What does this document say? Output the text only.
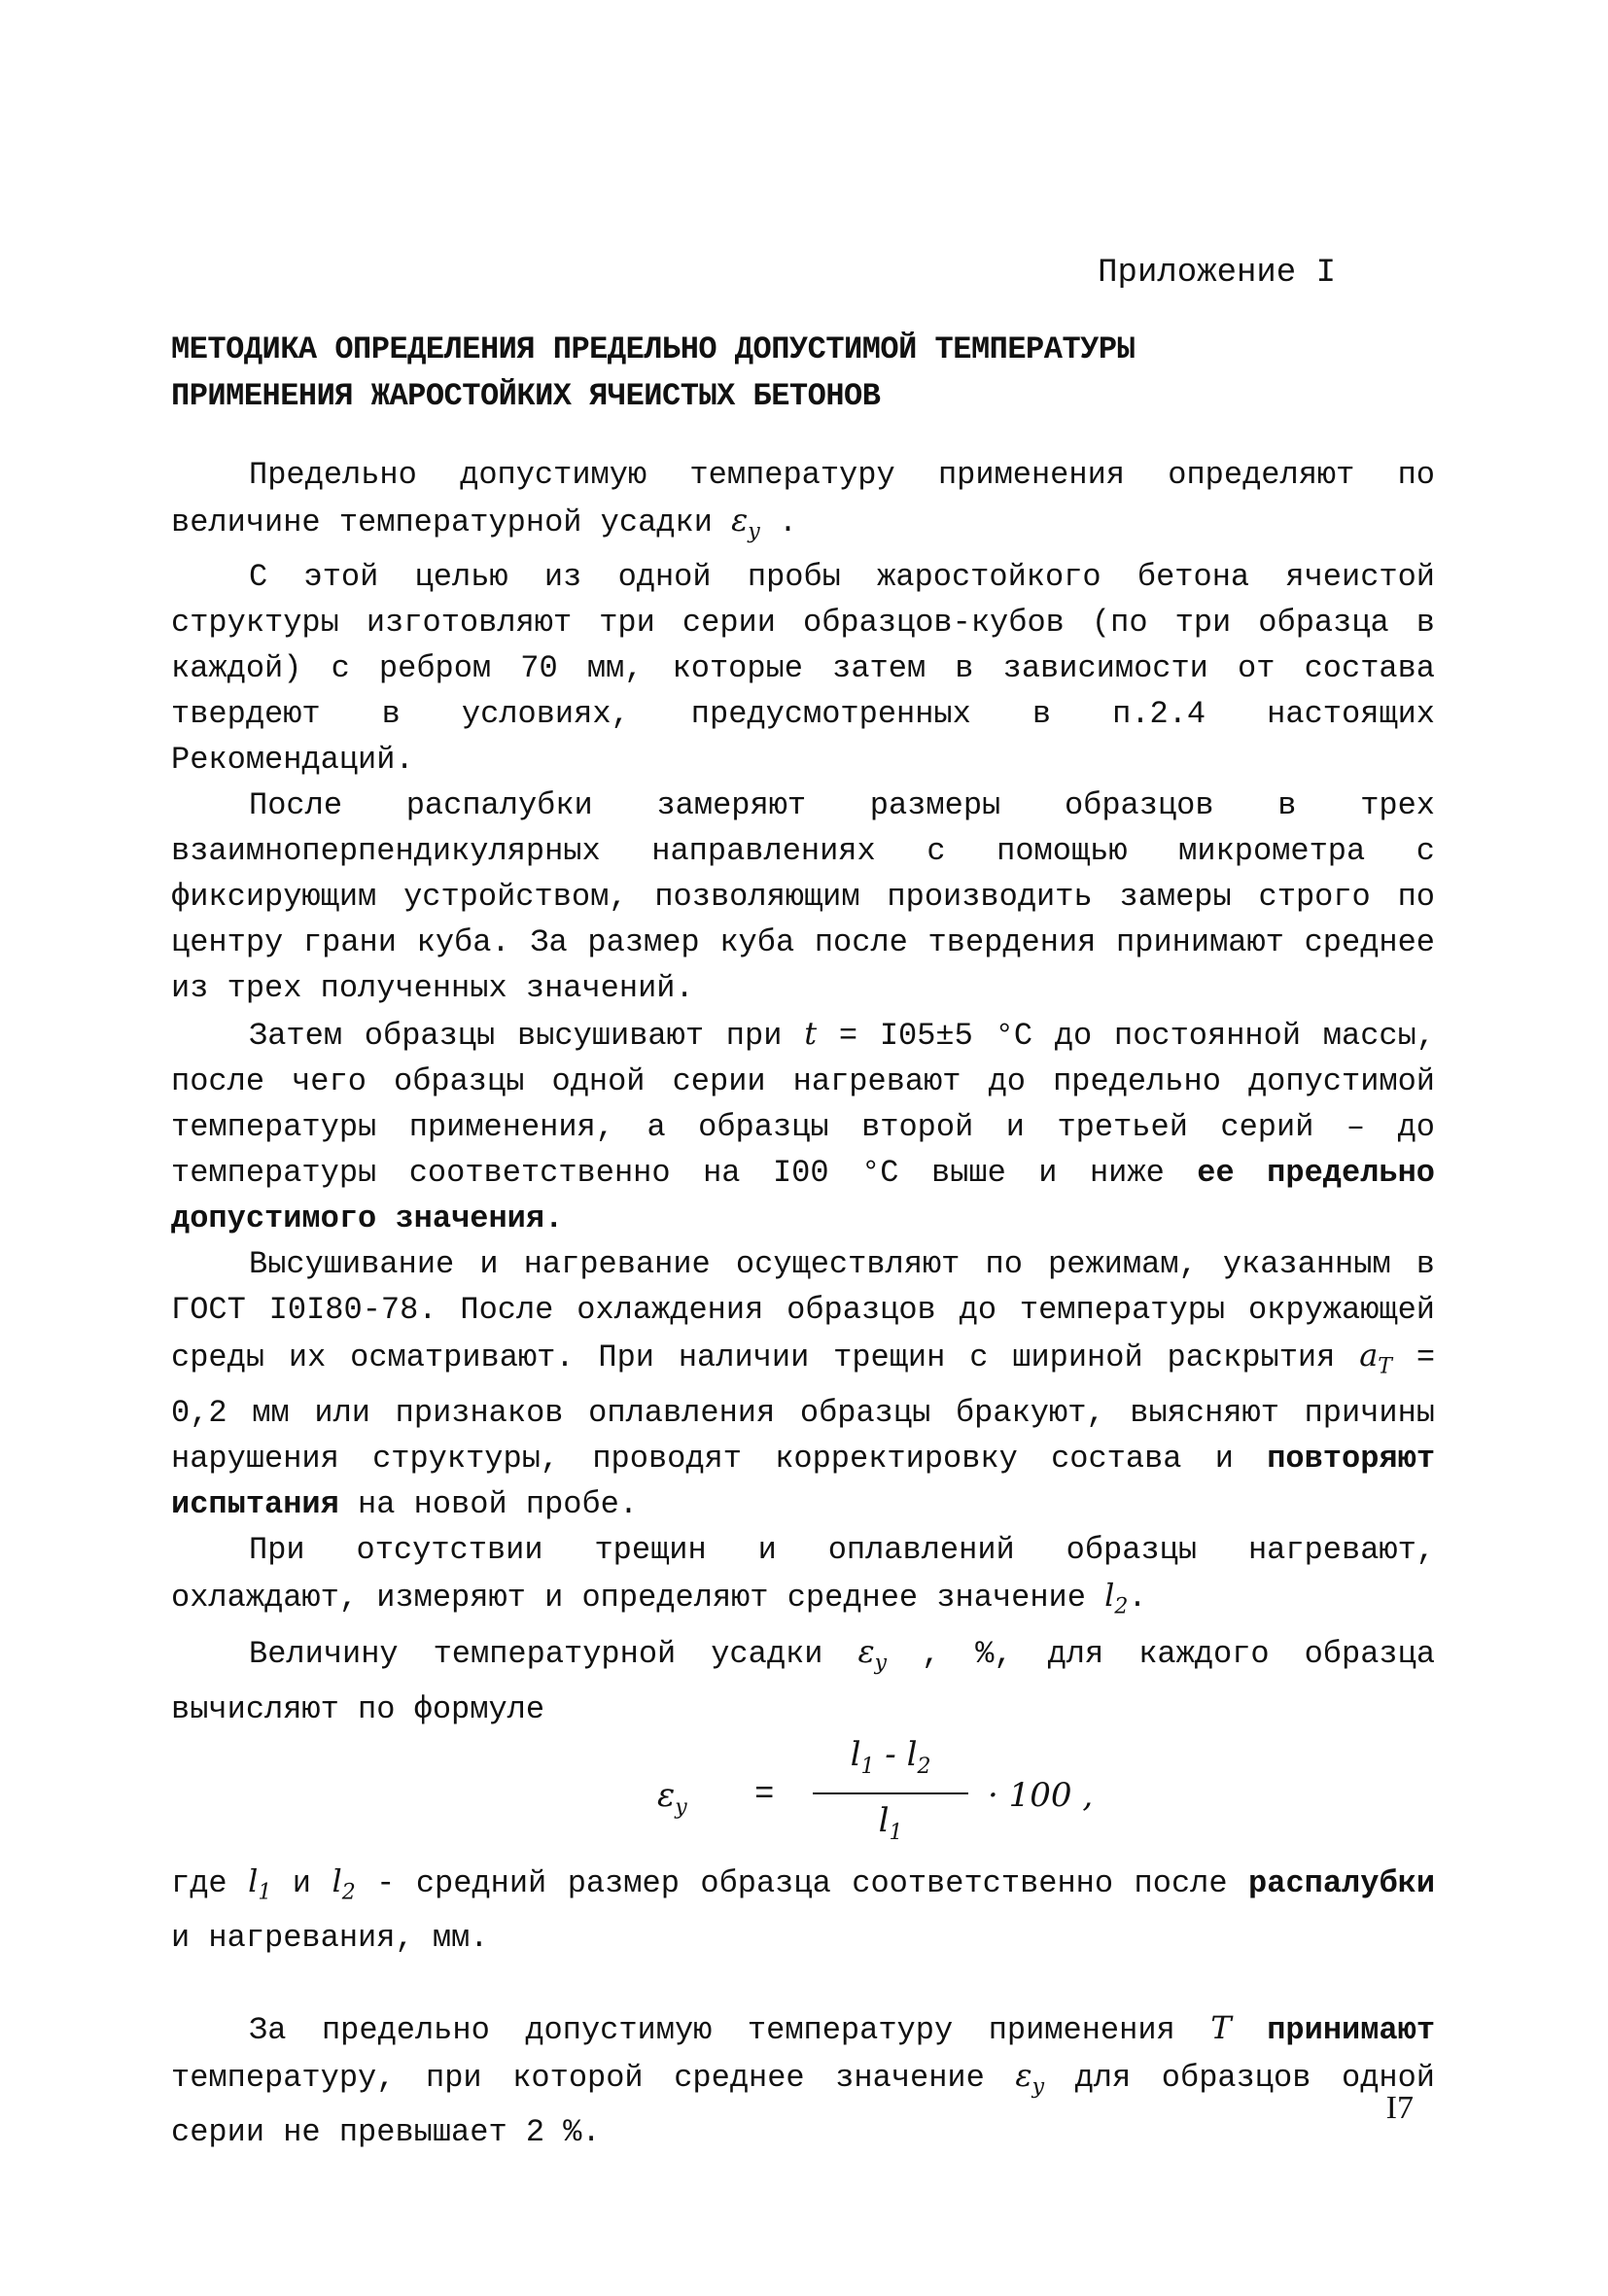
Приложение I
МЕТОДИКА ОПРЕДЕЛЕНИЯ ПРЕДЕЛЬНО ДОПУСТИМОЙ ТЕМПЕРАТУРЫ
ПРИМЕНЕНИЯ ЖАРОСТОЙКИХ ЯЧЕИСТЫХ БЕТОНОВ

Предельно допустимую температуру применения определяют по величине температурной усадки $\varepsilon_y$ .

С этой целью из одной пробы жаростойкого бетона ячеистой структуры изготовляют три серии образцов-кубов (по три образца в каждой) с ребром 70 мм, которые затем в зависимости от состава твердеют в условиях, предусмотренных в п.2.4 настоящих Рекомендаций.

После распалубки замеряют размеры образцов в трех взаимноперпендикулярных направлениях с помощью микрометра с фиксирующим устройством, позволяющим производить замеры строго по центру грани куба. За размер куба после твердения принимают среднее из трех полученных значений.

Затем образцы высушивают при t = I05±5 °С до постоянной массы, после чего образцы одной серии нагревают до предельно допустимой температуры применения, а образцы второй и третьей серий – до температуры соответственно на I00 °С выше и ниже ее предельно допустимого значения.

Высушивание и нагревание осуществляют по режимам, указанным в ГОСТ I0I80-78. После охлаждения образцов до температуры окружающей среды их осматривают. При наличии трещин с шириной раскрытия $a_T = 0,2$ мм или признаков оплавления образцы бракуют, выясняют причины нарушения структуры, проводят корректировку состава и повторяют испытания на новой пробе.

При отсутствии трещин и оплавлений образцы нагревают, охлаждают, измеряют и определяют среднее значение $l_2$.

Величину температурной усадки $\varepsilon_y$ , %, для каждого образца вычисляют по формуле

$\varepsilon_y = \frac{l_1 - l_2}{l_1} \cdot 100$ ,

где $l_1$ и $l_2$ - средний размер образца соответственно после распалубки и нагревания, мм.

За предельно допустимую температуру применения T принимают температуру, при которой среднее значение $\varepsilon_y$ для образцов одной серии не превышает 2 %.

I7
